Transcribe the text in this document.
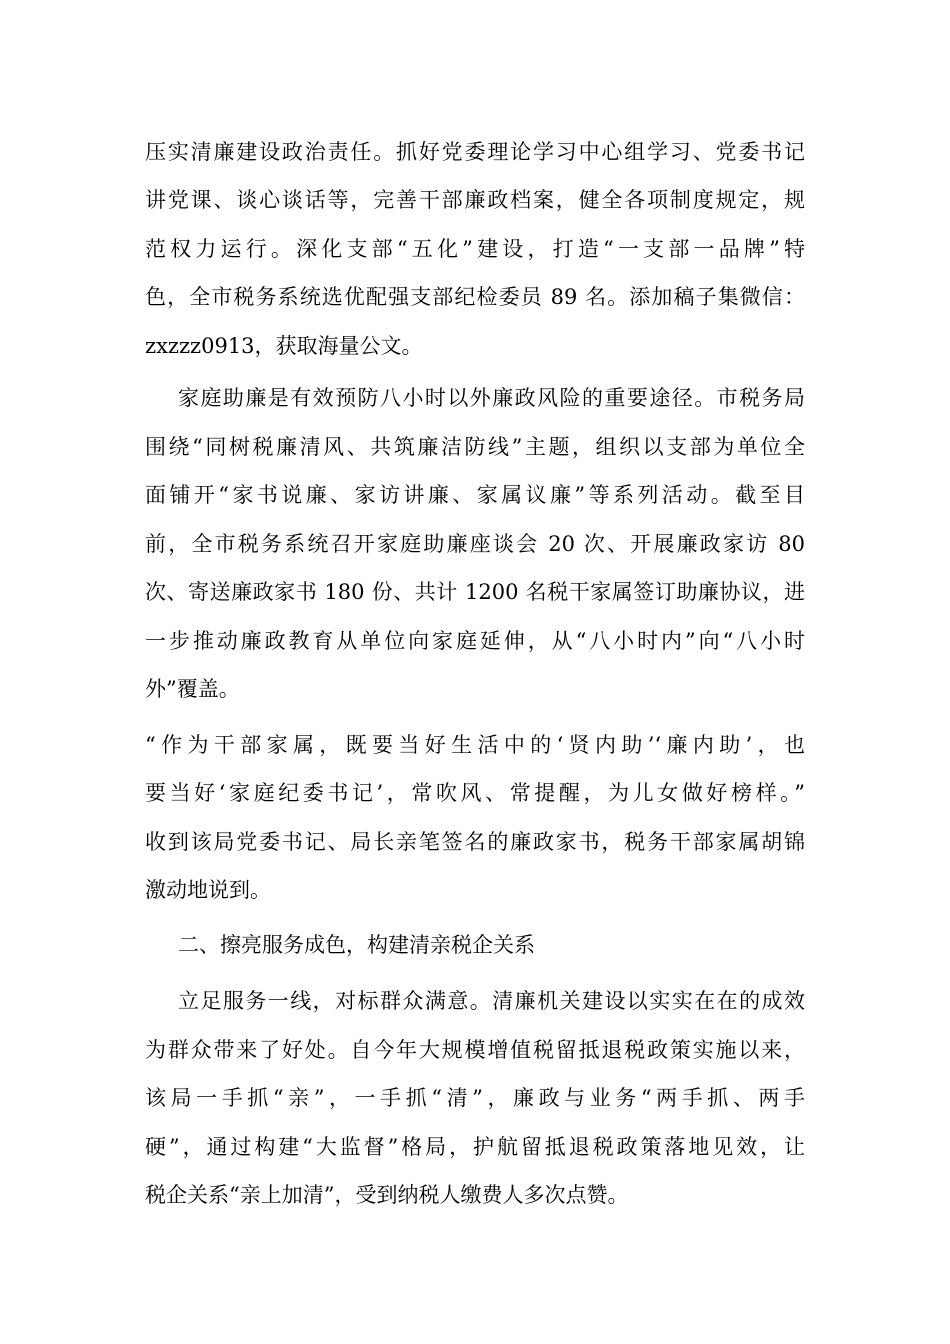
压实清廉建设政治责任。抓好党委理论学习中心组学习、党委书记
讲党课、谈心谈话等，完善干部廉政档案，健全各项制度规定，规
范权力运行。深化支部“五化”建设，打造“一支部一品牌”特
色，全市税务系统选优配强支部纪检委员 89 名。添加稿子集微信：
zxzzz0913，获取海量公文。
家庭助廉是有效预防八小时以外廉政风险的重要途径。市税务局
围绕“同树税廉清风、共筑廉洁防线”主题，组织以支部为单位全
面铺开“家书说廉、家访讲廉、家属议廉”等系列活动。截至目
前，全市税务系统召开家庭助廉座谈会 20 次、开展廉政家访 80
次、寄送廉政家书 180 份、共计 1200 名税干家属签订助廉协议，进
一步推动廉政教育从单位向家庭延伸，从“八小时内”向“八小时
外”覆盖。
“作为干部家属，既要当好生活中的‘贤内助’‘廉内助’，也
要当好‘家庭纪委书记’，常吹风、常提醒，为儿女做好榜样。”
收到该局党委书记、局长亲笔签名的廉政家书，税务干部家属胡锦
激动地说到。
二、擦亮服务成色，构建清亲税企关系
立足服务一线，对标群众满意。清廉机关建设以实实在在的成效
为群众带来了好处。自今年大规模增值税留抵退税政策实施以来，
该局一手抓“亲”，一手抓“清”，廉政与业务“两手抓、两手
硬”，通过构建“大监督”格局，护航留抵退税政策落地见效，让
税企关系“亲上加清”，受到纳税人缴费人多次点赞。
